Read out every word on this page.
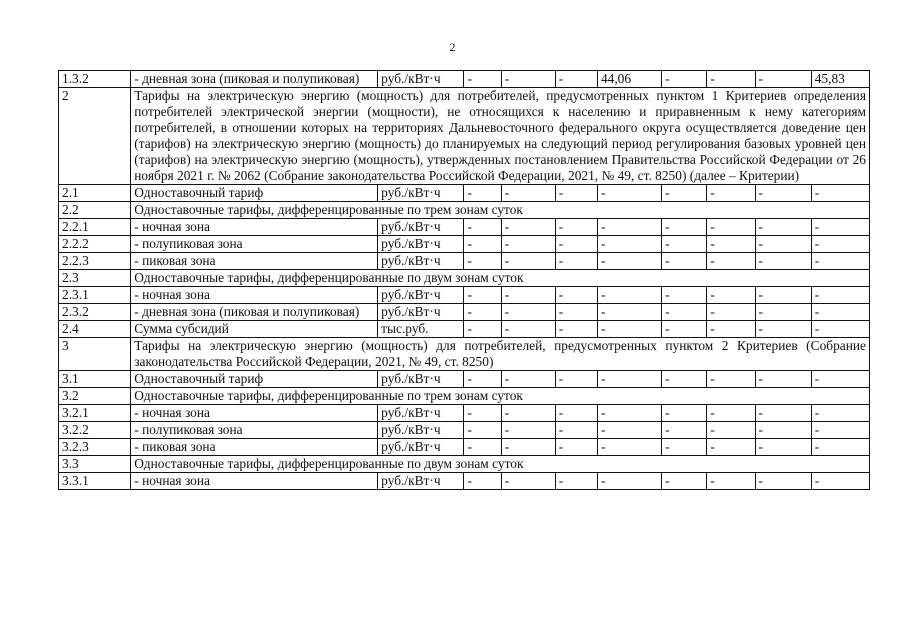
2
1.3.2	- дневная зона (пиковая и полупиковая)	руб./кВт·ч	-	-	-	44,06	-	-	-	45,83
2	Тарифы на электрическую энергию (мощность) для потребителей, предусмотренных пунктом 1 Критериев определения потребителей электрической энергии (мощности), не относящихся к населению и приравненным к нему категориям потребителей, в отношении которых на территориях Дальневосточного федерального округа осуществляется доведение цен (тарифов) на электрическую энергию (мощность) до планируемых на следующий период регулирования базовых уровней цен (тарифов) на электрическую энергию (мощность), утвержденных постановлением Правительства Российской Федерации от 26 ноября 2021 г. № 2062 (Собрание законодательства Российской Федерации, 2021, № 49, ст. 8250) (далее – Критерии)									
2.1	Одноставочный тариф	руб./кВт·ч	-	-	-	-	-	-	-	-
2.2	Одноставочные тарифы, дифференцированные по трем зонам суток									
2.2.1	- ночная зона	руб./кВт·ч	-	-	-	-	-	-	-	-
2.2.2	- полупиковая зона	руб./кВт·ч	-	-	-	-	-	-	-	-
2.2.3	- пиковая зона	руб./кВт·ч	-	-	-	-	-	-	-	-
2.3	Одноставочные тарифы, дифференцированные по двум зонам суток									
2.3.1	- ночная зона	руб./кВт·ч	-	-	-	-	-	-	-	-
2.3.2	- дневная зона (пиковая и полупиковая)	руб./кВт·ч	-	-	-	-	-	-	-	-
2.4	Сумма субсидий	тыс.руб.	-	-	-	-	-	-	-	-
3	Тарифы на электрическую энергию (мощность) для потребителей, предусмотренных пунктом 2 Критериев (Собрание законодательства Российской Федерации, 2021, № 49, ст. 8250)									
3.1	Одноставочный тариф	руб./кВт·ч	-	-	-	-	-	-	-	-
3.2	Одноставочные тарифы, дифференцированные по трем зонам суток									
3.2.1	- ночная зона	руб./кВт·ч	-	-	-	-	-	-	-	-
3.2.2	- полупиковая зона	руб./кВт·ч	-	-	-	-	-	-	-	-
3.2.3	- пиковая зона	руб./кВт·ч	-	-	-	-	-	-	-	-
3.3	Одноставочные тарифы, дифференцированные по двум зонам суток									
3.3.1	- ночная зона	руб./кВт·ч	-	-	-	-	-	-	-	-
